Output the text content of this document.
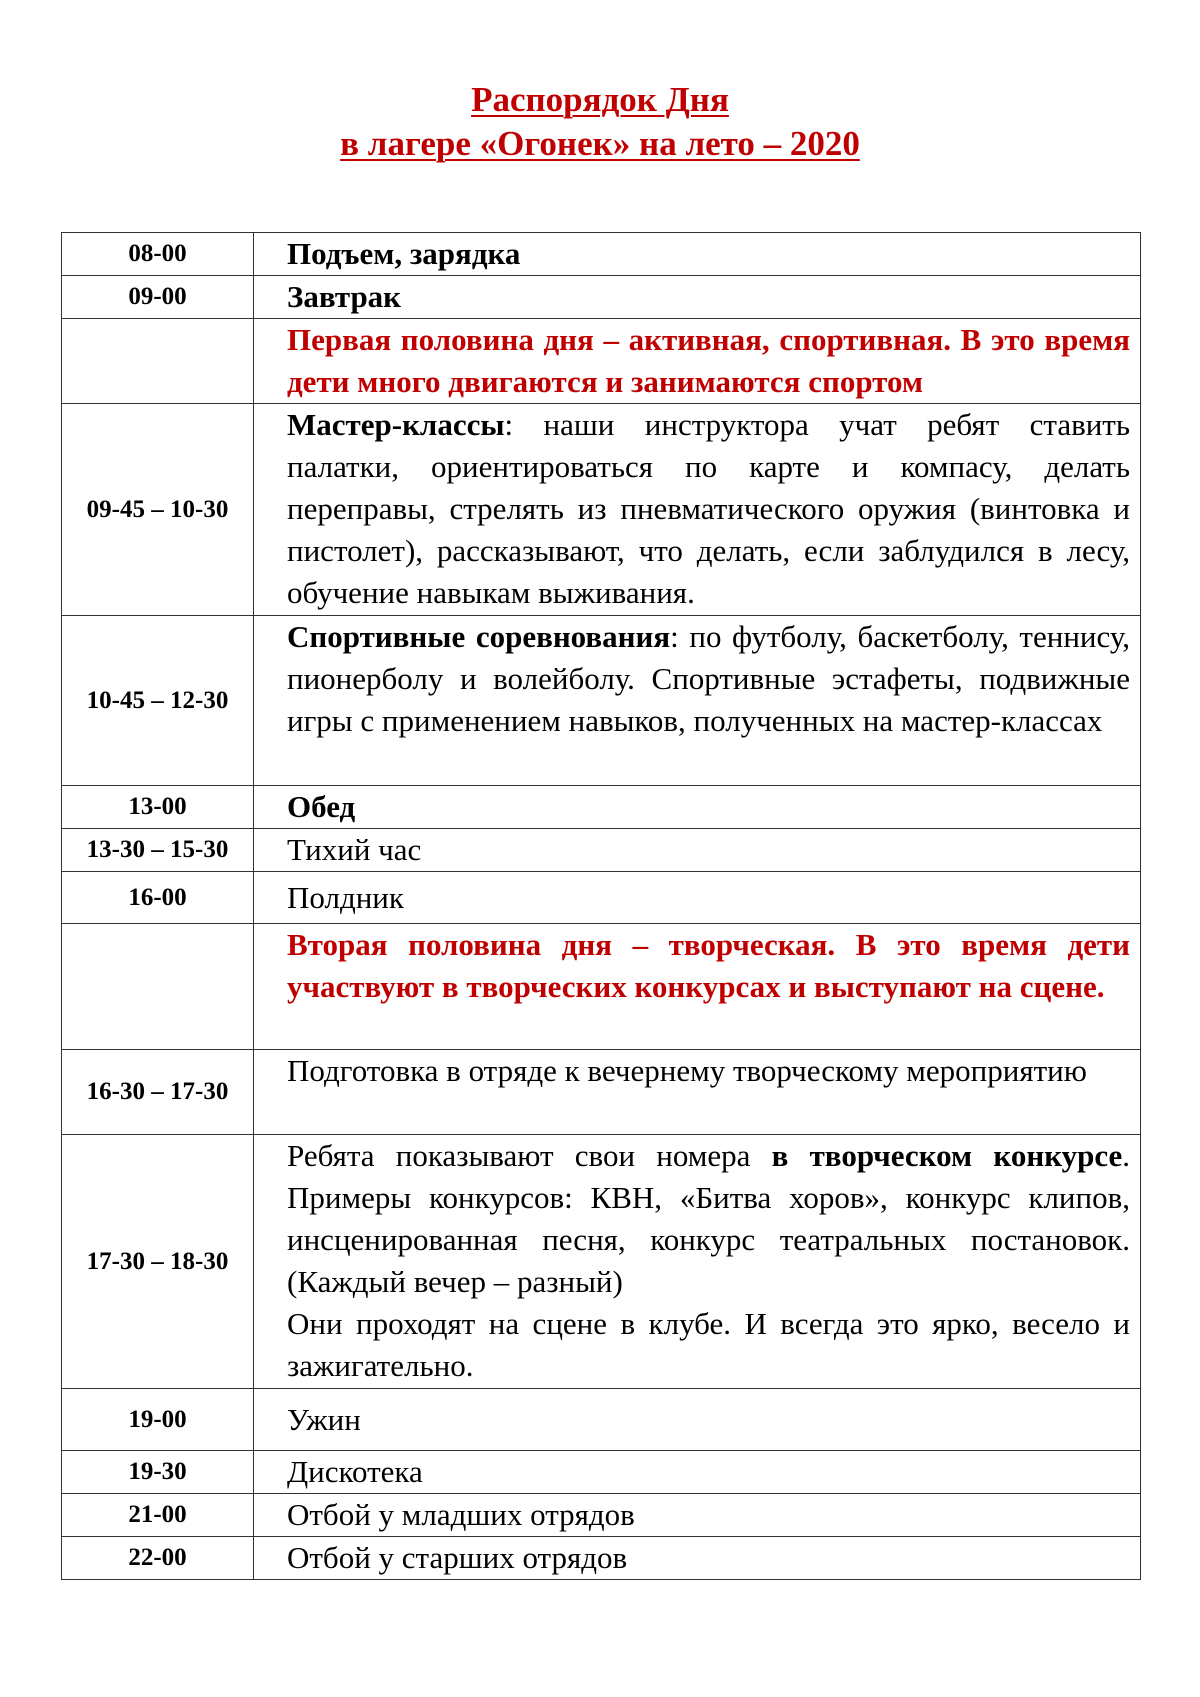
Распорядок Дня
в лагере «Огонек» на лето – 2020
08-00	Подъем, зарядка
09-00	Завтрак
	Первая половина дня – активная, спортивная. В это время дети много двигаются и занимаются спортом
09-45 – 10-30	Мастер-классы: наши инструктора учат ребят ставить палатки, ориентироваться по карте и компасу, делать переправы, стрелять из пневматического оружия (винтовка и пистолет), рассказывают, что делать, если заблудился в лесу, обучение навыкам выживания.
10-45 – 12-30	Спортивные соревнования: по футболу, баскетболу, теннису, пионерболу и волейболу. Спортивные эстафеты, подвижные игры с применением навыков, полученных на мастер-классах
13-00	Обед
13-30 – 15-30	Тихий час
16-00	Полдник
	Вторая половина дня – творческая. В это время дети участвуют в творческих конкурсах и выступают на сцене.
16-30 – 17-30	Подготовка в отряде к вечернему творческому мероприятию
17-30 – 18-30	Ребята показывают свои номера в творческом конкурсе. Примеры конкурсов: КВН, «Битва хоров», конкурс клипов, инсценированная песня, конкурс театральных постановок. (Каждый вечер – разный)
Они проходят на сцене в клубе. И всегда это ярко, весело и зажигательно.

19-00	Ужин
19-30	Дискотека
21-00	Отбой у младших отрядов
22-00	Отбой у старших отрядов
